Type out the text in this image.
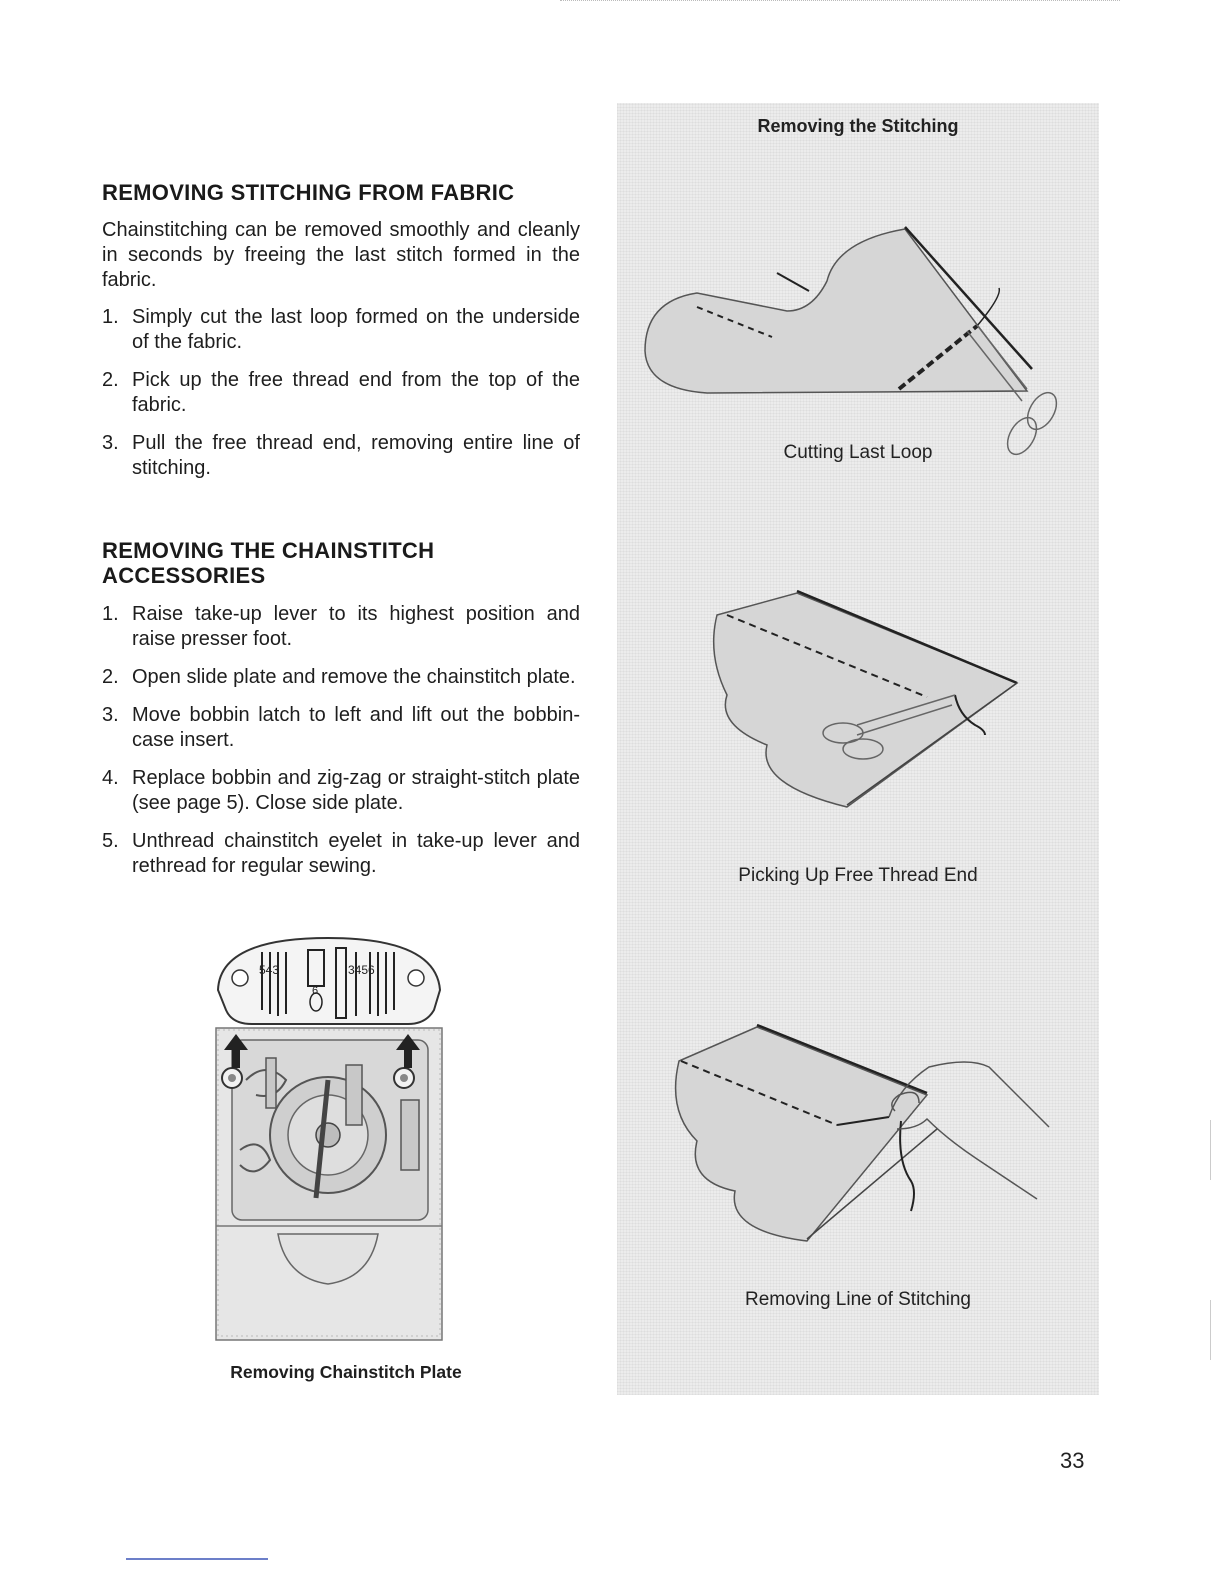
REMOVING STITCHING FROM FABRIC

Chainstitching can be removed smoothly and cleanly in seconds by freeing the last stitch formed in the fabric.

1. Simply cut the last loop formed on the underside of the fabric.
2. Pick up the free thread end from the top of the fabric.
3. Pull the free thread end, removing entire line of stitching.
REMOVING THE CHAINSTITCH
ACCESSORIES
1. Raise take-up lever to its highest position and raise presser foot.
2. Open slide plate and remove the chainstitch plate.
3. Move bobbin latch to left and lift out the bobbin-case insert.
4. Replace bobbin and zig-zag or straight-stitch plate (see page 5). Close side plate.
5. Unthread chainstitch eyelet in take-up lever and rethread for regular sewing.
543	3456
6
Removing Chainstitch Plate
Removing the Stitching
Cutting Last Loop
Picking Up Free Thread End
Removing Line of Stitching
33
